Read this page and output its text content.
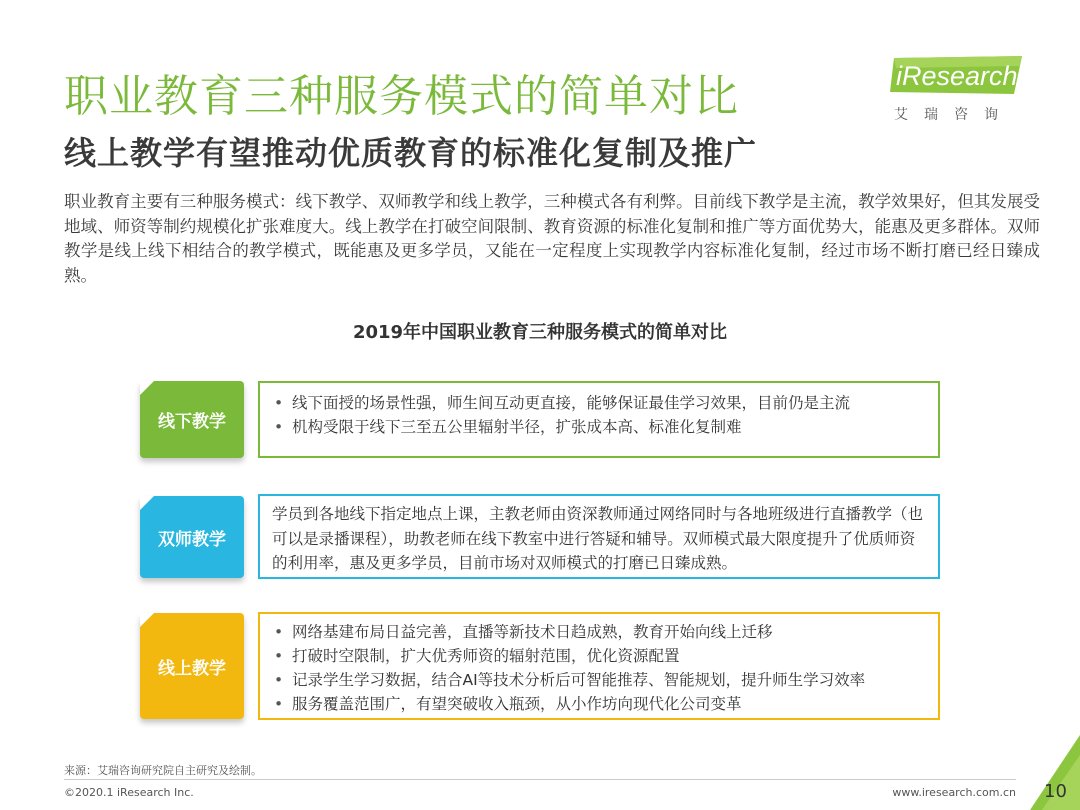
职业教育三种服务模式的简单对比
线上教学有望推动优质教育的标准化复制及推广
iResearch
艾瑞咨询

职业教育主要有三种服务模式：线下教学、双师教学和线上教学，三种模式各有利弊。目前线下教学是主流，教学效果好，但其发展受地域、师资等制约规模化扩张难度大。线上教学在打破空间限制、教育资源的标准化复制和推广等方面优势大，能惠及更多群体。双师教学是线上线下相结合的教学模式，既能惠及更多学员，又能在一定程度上实现教学内容标准化复制，经过市场不断打磨已经日臻成熟。

2019年中国职业教育三种服务模式的简单对比
线下教学
• 线下面授的场景性强，师生间互动更直接，能够保证最佳学习效果，目前仍是主流
• 机构受限于线下三至五公里辐射半径，扩张成本高、标准化复制难
双师教学

学员到各地线下指定地点上课，主教老师由资深教师通过网络同时与各地班级进行直播教学（也可以是录播课程），助教老师在线下教室中进行答疑和辅导。双师模式最大限度提升了优质师资的利用率，惠及更多学员，目前市场对双师模式的打磨已日臻成熟。

线上教学
• 网络基建布局日益完善，直播等新技术日趋成熟，教育开始向线上迁移
• 打破时空限制，扩大优秀师资的辐射范围，优化资源配置
• 记录学生学习数据，结合AI等技术分析后可智能推荐、智能规划，提升师生学习效率
• 服务覆盖范围广，有望突破收入瓶颈，从小作坊向现代化公司变革
来源：艾瑞咨询研究院自主研究及绘制。
©2020.1 iResearch Inc.	www.iresearch.com.cn 10
